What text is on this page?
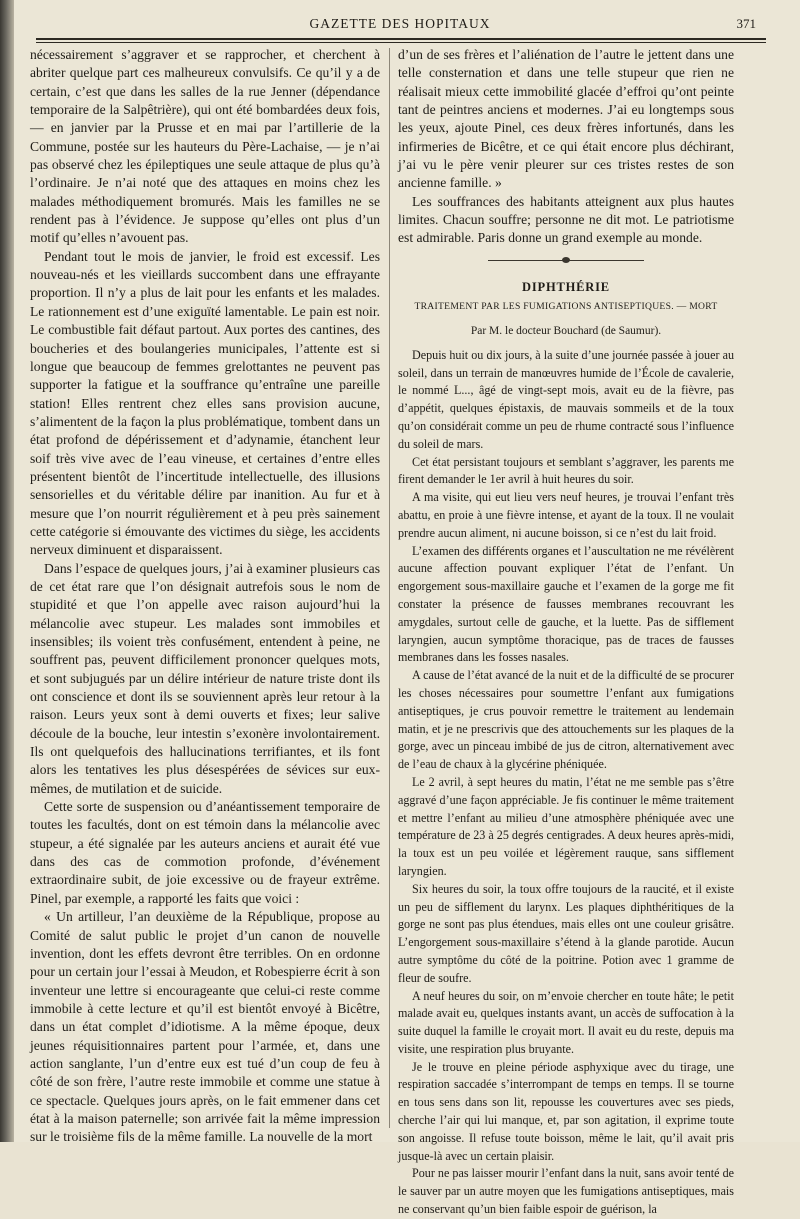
GAZETTE DES HOPITAUX	371

nécessairement s’aggraver et se rapprocher, et cherchent à abriter quelque part ces malheureux convulsifs. Ce qu’il y a de certain, c’est que dans les salles de la rue Jenner (dépendance temporaire de la Salpêtrière), qui ont été bombardées deux fois, — en janvier par la Prusse et en mai par l’artillerie de la Commune, postée sur les hauteurs du Père-Lachaise, — je n’ai pas observé chez les épileptiques une seule attaque de plus qu’à l’ordinaire. Je n’ai noté que des attaques en moins chez les malades méthodiquement bromurés. Mais les familles ne se rendent pas à l’évidence. Je suppose qu’elles ont plus d’un motif qu’elles n’avouent pas.

Pendant tout le mois de janvier, le froid est excessif. Les nouveau-nés et les vieillards succombent dans une effrayante proportion. Il n’y a plus de lait pour les enfants et les malades. Le rationnement est d’une exiguïté lamentable. Le pain est noir. Le combustible fait défaut partout. Aux portes des cantines, des boucheries et des boulangeries municipales, l’attente est si longue que beaucoup de femmes grelottantes ne peuvent pas supporter la fatigue et la souffrance qu’entraîne une pareille station! Elles rentrent chez elles sans provision aucune, s’alimentent de la façon la plus problématique, tombent dans un état profond de dépérissement et d’adynamie, étanchent leur soif très vive avec de l’eau vineuse, et certaines d’entre elles présentent bientôt de l’incertitude intellectuelle, des illusions sensorielles et du véritable délire par inanition. Au fur et à mesure que l’on nourrit régulièrement et à peu près sainement cette catégorie si émouvante des victimes du siège, les accidents nerveux diminuent et disparaissent.

Dans l’espace de quelques jours, j’ai à examiner plusieurs cas de cet état rare que l’on désignait autrefois sous le nom de stupidité et que l’on appelle avec raison aujourd’hui la mélancolie avec stupeur. Les malades sont immobiles et insensibles; ils voient très confusément, entendent à peine, ne souffrent pas, peuvent difficilement prononcer quelques mots, et sont subjugués par un délire intérieur de nature triste dont ils ont conscience et dont ils se souviennent après leur retour à la raison. Leurs yeux sont à demi ouverts et fixes; leur salive découle de la bouche, leur intestin s’exonère involontairement. Ils ont quelquefois des hallucinations terrifiantes, et ils font alors les tentatives les plus désespérées de sévices sur eux-mêmes, de mutilation et de suicide.

Cette sorte de suspension ou d’anéantissement temporaire de toutes les facultés, dont on est témoin dans la mélancolie avec stupeur, a été signalée par les auteurs anciens et aurait été vue dans des cas de commotion profonde, d’événement extraordinaire subit, de joie excessive ou de frayeur extrême. Pinel, par exemple, a rapporté les faits que voici :

« Un artilleur, l’an deuxième de la République, propose au Comité de salut public le projet d’un canon de nouvelle invention, dont les effets devront être terribles. On en ordonne pour un certain jour l’essai à Meudon, et Robespierre écrit à son inventeur une lettre si encourageante que celui-ci reste comme immobile à cette lecture et qu’il est bientôt envoyé à Bicêtre, dans un état complet d’idiotisme. A la même époque, deux jeunes réquisitionnaires partent pour l’armée, et, dans une action sanglante, l’un d’entre eux est tué d’un coup de feu à côté de son frère, l’autre reste immobile et comme une statue à ce spectacle. Quelques jours après, on le fait emmener dans cet état à la maison paternelle; son arrivée fait la même impression sur le troisième fils de la même famille. La nouvelle de la mort

d’un de ses frères et l’aliénation de l’autre le jettent dans une telle consternation et dans une telle stupeur que rien ne réalisait mieux cette immobilité glacée d’effroi qu’ont peinte tant de peintres anciens et modernes. J’ai eu longtemps sous les yeux, ajoute Pinel, ces deux frères infortunés, dans les infirmeries de Bicêtre, et ce qui était encore plus déchirant, j’ai vu le père venir pleurer sur ces tristes restes de son ancienne famille. »

Les souffrances des habitants atteignent aux plus hautes limites. Chacun souffre; personne ne dit mot. Le patriotisme est admirable. Paris donne un grand exemple au monde.

DIPHTHÉRIE
TRAITEMENT PAR LES FUMIGATIONS ANTISEPTIQUES. — MORT
Par M. le docteur Bouchard (de Saumur).

Depuis huit ou dix jours, à la suite d’une journée passée à jouer au soleil, dans un terrain de manœuvres humide de l’École de cavalerie, le nommé L..., âgé de vingt-sept mois, avait eu de la fièvre, pas d’appétit, quelques épistaxis, de mauvais sommeils et de la toux qu’on considérait comme un peu de rhume contracté sous l’influence du soleil de mars.

Cet état persistant toujours et semblant s’aggraver, les parents me firent demander le 1er avril à huit heures du soir.

A ma visite, qui eut lieu vers neuf heures, je trouvai l’enfant très abattu, en proie à une fièvre intense, et ayant de la toux. Il ne voulait prendre aucun aliment, ni aucune boisson, si ce n’est du lait froid.

L’examen des différents organes et l’auscultation ne me révélèrent aucune affection pouvant expliquer l’état de l’enfant. Un engorgement sous-maxillaire gauche et l’examen de la gorge me fit constater la présence de fausses membranes recouvrant les amygdales, surtout celle de gauche, et la luette. Pas de sifflement laryngien, aucun symptôme thoracique, pas de traces de fausses membranes dans les fosses nasales.

A cause de l’état avancé de la nuit et de la difficulté de se procurer les choses nécessaires pour soumettre l’enfant aux fumigations antiseptiques, je crus pouvoir remettre le traitement au lendemain matin, et je ne prescrivis que des attouchements sur les plaques de la gorge, avec un pinceau imbibé de jus de citron, alternativement avec de l’eau de chaux à la glycérine phéniquée.

Le 2 avril, à sept heures du matin, l’état ne me semble pas s’être aggravé d’une façon appréciable. Je fis continuer le même traitement et mettre l’enfant au milieu d’une atmosphère phéniquée avec une température de 23 à 25 degrés centigrades. A deux heures après-midi, la toux est un peu voilée et légèrement rauque, sans sifflement laryngien.

Six heures du soir, la toux offre toujours de la raucité, et il existe un peu de sifflement du larynx. Les plaques diphthéritiques de la gorge ne sont pas plus étendues, mais elles ont une couleur grisâtre. L’engorgement sous-maxillaire s’étend à la glande parotide. Aucun autre symptôme du côté de la poitrine. Potion avec 1 gramme de fleur de soufre.

A neuf heures du soir, on m’envoie chercher en toute hâte; le petit malade avait eu, quelques instants avant, un accès de suffocation à la suite duquel la famille le croyait mort. Il avait eu du reste, depuis ma visite, une respiration plus bruyante.

Je le trouve en pleine période asphyxique avec du tirage, une respiration saccadée s’interrompant de temps en temps. Il se tourne en tous sens dans son lit, repousse les couvertures avec ses pieds, cherche l’air qui lui manque, et, par son agitation, il exprime toute son angoisse. Il refuse toute boisson, même le lait, qu’il avait pris jusque-là avec un certain plaisir.

Pour ne pas laisser mourir l’enfant dans la nuit, sans avoir tenté de le sauver par un autre moyen que les fumigations antiseptiques, mais ne conservant qu’un bien faible espoir de guérison, la
